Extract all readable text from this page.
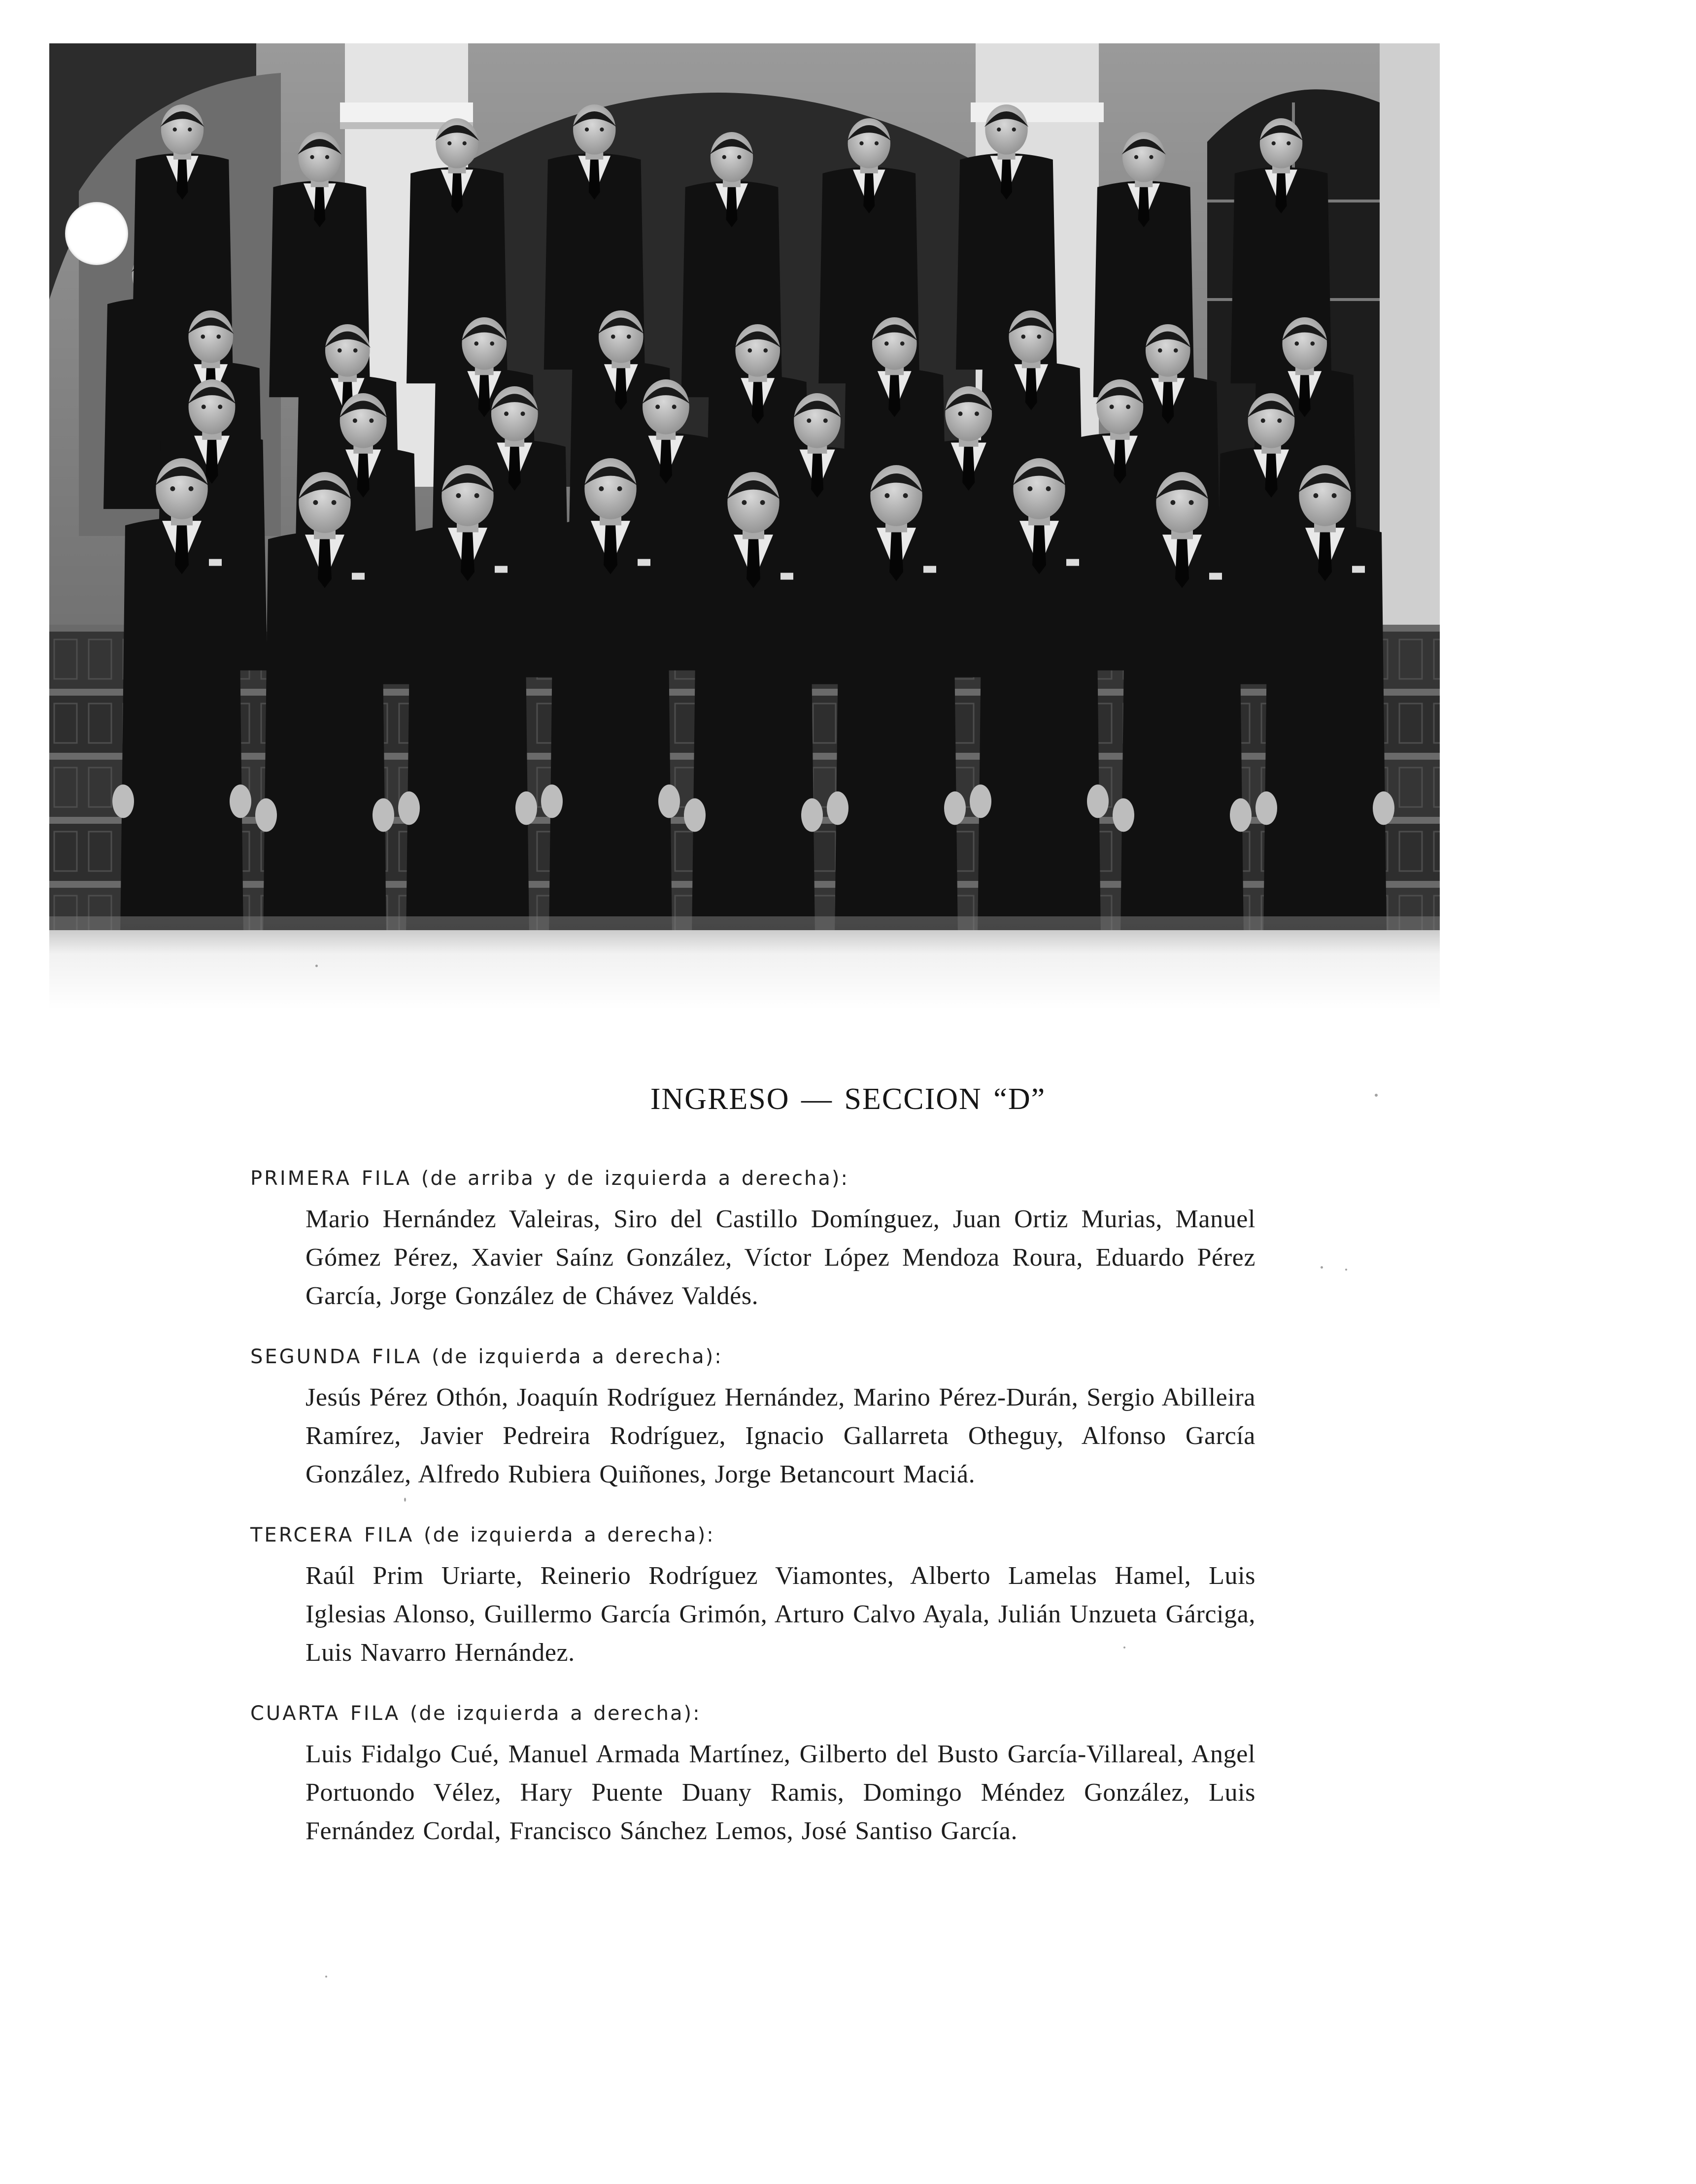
INGRESO — SECCION “D”

PRIMERA FILA (de arriba y de izquierda a derecha):

Mario Hernández Valeiras, Siro del Castillo Domínguez, Juan Ortiz Murias, Manuel Gómez Pérez, Xavier Saínz González, Víctor López Mendoza Roura, Eduardo Pérez García, Jorge González de Chávez Valdés.

SEGUNDA FILA (de izquierda a derecha):

Jesús Pérez Othón, Joaquín Rodríguez Hernández, Marino Pérez-Durán, Sergio Abilleira Ramírez, Javier Pedreira Rodríguez, Ignacio Gallarreta Otheguy, Alfonso García González, Alfredo Rubiera Quiñones, Jorge Betancourt Maciá.

TERCERA FILA (de izquierda a derecha):

Raúl Prim Uriarte, Reinerio Rodríguez Viamontes, Alberto Lamelas Hamel, Luis Iglesias Alonso, Guillermo García Grimón, Arturo Calvo Ayala, Julián Unzueta Gárciga, Luis Navarro Hernández.

CUARTA FILA (de izquierda a derecha):

Luis Fidalgo Cué, Manuel Armada Martínez, Gilberto del Busto García-Villareal, Angel Portuondo Vélez, Hary Puente Duany Ramis, Domingo Méndez González, Luis Fernández Cordal, Francisco Sánchez Lemos, José Santiso García.
